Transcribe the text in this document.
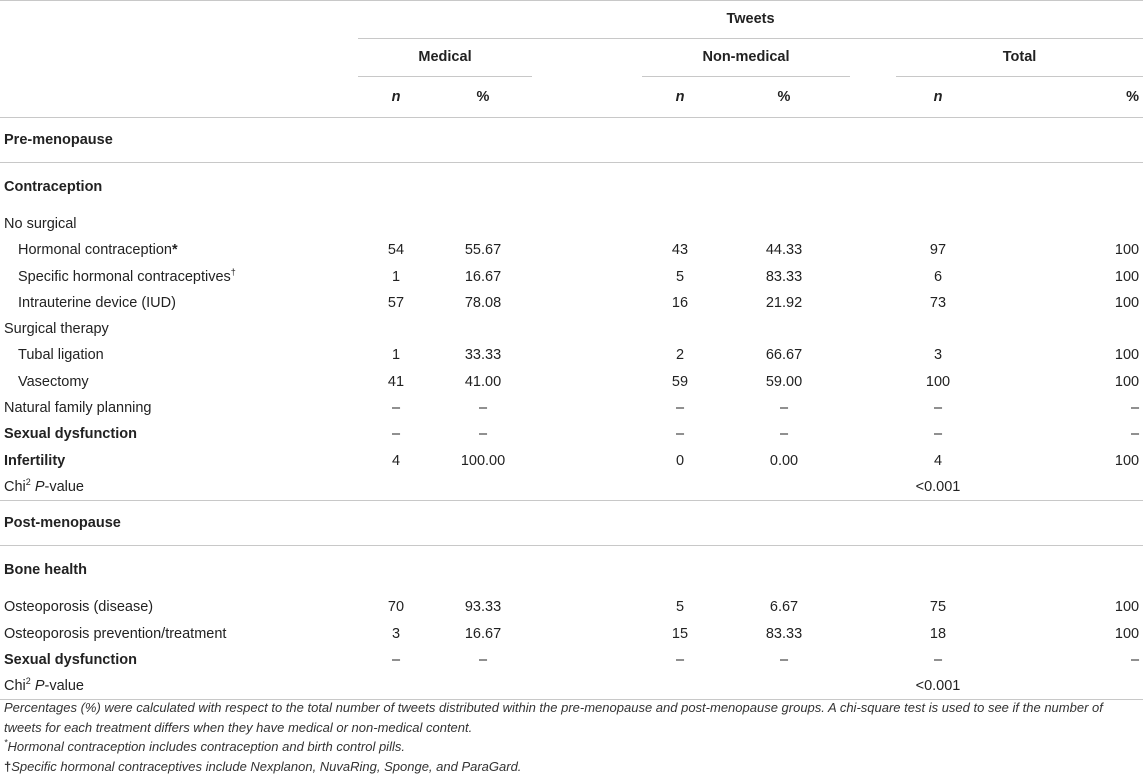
	Tweets						

	Medical			Non-medical		Total	

	n	%		n	%	n	%
Pre-menopause							
Contraception							
No surgical							
Hormonal contraception*	54	55.67		43	44.33	97	100
Specific hormonal contraceptives†	1	16.67		5	83.33	6	100
Intrauterine device (IUD)	57	78.08		16	21.92	73	100
Surgical therapy							
Tubal ligation	1	33.33		2	66.67	3	100
Vasectomy	41	41.00		59	59.00	100	100
Natural family planning	–	–		–	–	–	–
Sexual dysfunction	–	–		–	–	–	–
Infertility	4	100.00		0	0.00	4	100
Chi$^2$ P-value						<0.001	
Post-menopause							
Bone health							
Osteoporosis (disease)	70	93.33		5	6.67	75	100
Osteoporosis prevention/treatment	3	16.67		15	83.33	18	100
Sexual dysfunction	–	–		–	–	–	–
Chi$^2$ P-value						<0.001	

Percentages (%) were calculated with respect to the total number of tweets distributed within the pre-menopause and post-menopause groups. A chi-square test is used to see if the number of tweets for each treatment differs when they have medical or non-medical content.

*Hormonal contraception includes contraception and birth control pills.

†Specific hormonal contraceptives include Nexplanon, NuvaRing, Sponge, and ParaGard.
